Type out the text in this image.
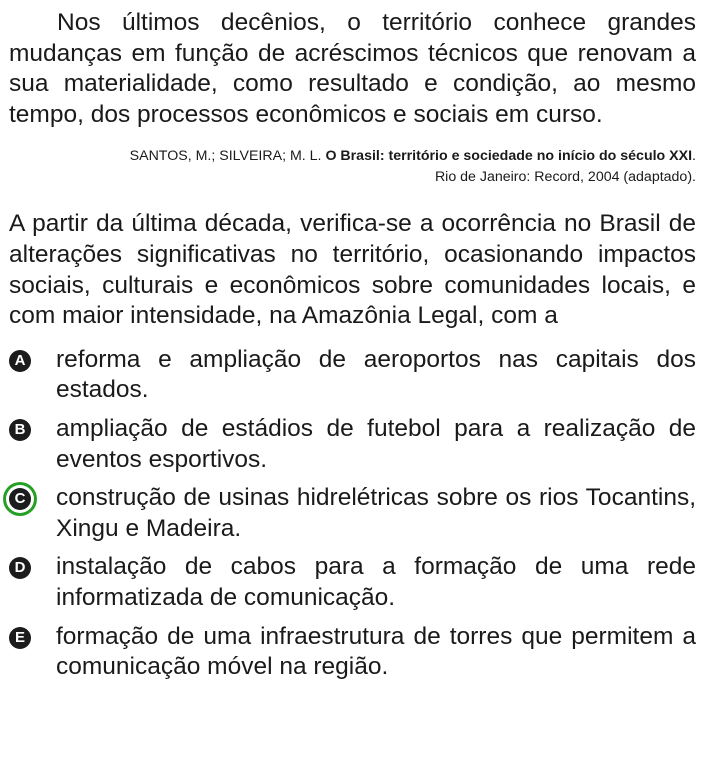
Nos últimos decênios, o território conhece grandes mudanças em função de acréscimos técnicos que renovam a sua materialidade, como resultado e condição, ao mesmo tempo, dos processos econômicos e sociais em curso.

SANTOS, M.; SILVEIRA; M. L. O Brasil: território e sociedade no início do século XXI.
Rio de Janeiro: Record, 2004 (adaptado).

A partir da última década, verifica-se a ocorrência no Brasil de alterações significativas no território, ocasionando impactos sociais, culturais e econômicos sobre comunidades locais, e com maior intensidade, na Amazônia Legal, com a

A reforma e ampliação de aeroportos nas capitais dos estados.
B ampliação de estádios de futebol para a realização de eventos esportivos.
C construção de usinas hidrelétricas sobre os rios Tocantins, Xingu e Madeira.
D instalação de cabos para a formação de uma rede informatizada de comunicação.
E formação de uma infraestrutura de torres que permitem a comunicação móvel na região.
